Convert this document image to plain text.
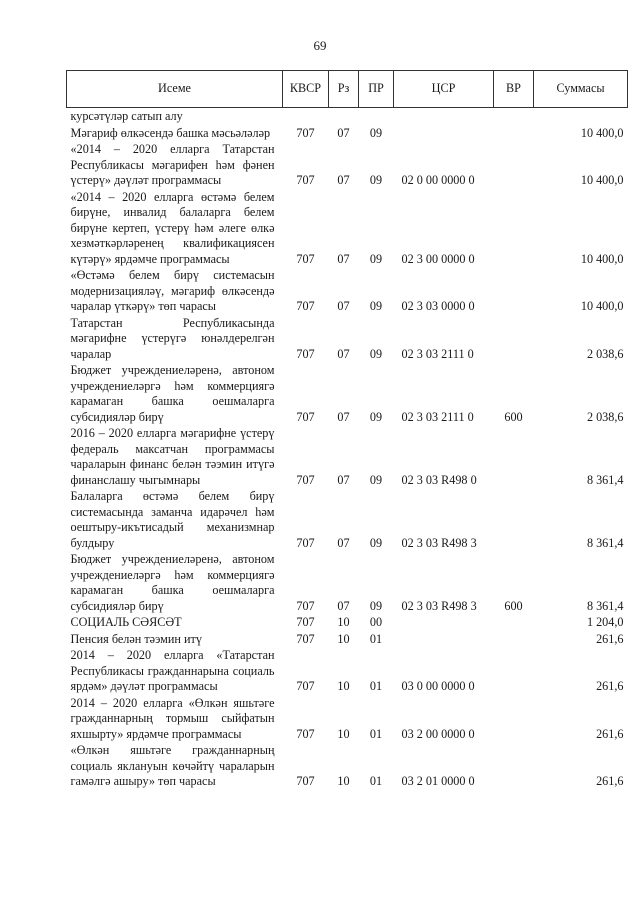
69
Исеме	КВСР	Рз	ПР	ЦСР	ВР	Суммасы
курсәтүләр сатып алу						
Мәгариф өлкәсендә башка мәсьәләләр	707	07	09			10 400,0
«2014 – 2020 елларга Татарстан Республикасы мәгарифен һәм фәнен үстерү» дәүләт программасы	707	07	09	02 0 00 0000 0		10 400,0
«2014 – 2020 елларга өстәмә белем бирүне, инвалид балаларга белем бирүне кертеп, үстерү һәм әлеге өлкә хезмәткәрләренең квалификациясен күтәрү» ярдәмче программасы	707	07	09	02 3 00 0000 0		10 400,0
«Өстәмә белем бирү системасын модернизацияләү, мәгариф өлкәсендә чаралар үткәрү» төп чарасы	707	07	09	02 3 03 0000 0		10 400,0
Татарстан Республикасында мәгарифне үстерүгә юнәлдерелгән чаралар	707	07	09	02 3 03 2111 0		2 038,6
Бюджет учреждениеләренә, автоном учреждениеләргә һәм коммерциягә карамаган башка оешмаларга субсидияләр бирү	707	07	09	02 3 03 2111 0	600	2 038,6
2016 – 2020 елларга мәгарифне үстерү федераль максатчан программасы чараларын финанс белән тәэмин итүгә финанслашу чыгымнары	707	07	09	02 3 03 R498 0		8 361,4
Балаларга өстәмә белем бирү системасында заманча идарәчел һәм оештыру-икътисадый механизмнар булдыру	707	07	09	02 3 03 R498 3		8 361,4
Бюджет учреждениеләренә, автоном учреждениеләргә һәм коммерциягә карамаган башка оешмаларга субсидияләр бирү	707	07	09	02 3 03 R498 3	600	8 361,4
СОЦИАЛЬ СӘЯСӘТ	707	10	00			1 204,0
Пенсия белән тәэмин итү	707	10	01			261,6
2014 – 2020 елларга «Татарстан Республикасы гражданнарына социаль ярдәм» дәүләт программасы	707	10	01	03 0 00 0000 0		261,6
2014 – 2020 елларга «Өлкән яшьтәге гражданнарның тормыш сыйфатын яхшырту» ярдәмче программасы	707	10	01	03 2 00 0000 0		261,6
«Өлкән яшьтәге гражданнарның социаль яклануын көчәйтү чараларын гамәлгә ашыру» төп чарасы	707	10	01	03 2 01 0000 0		261,6
